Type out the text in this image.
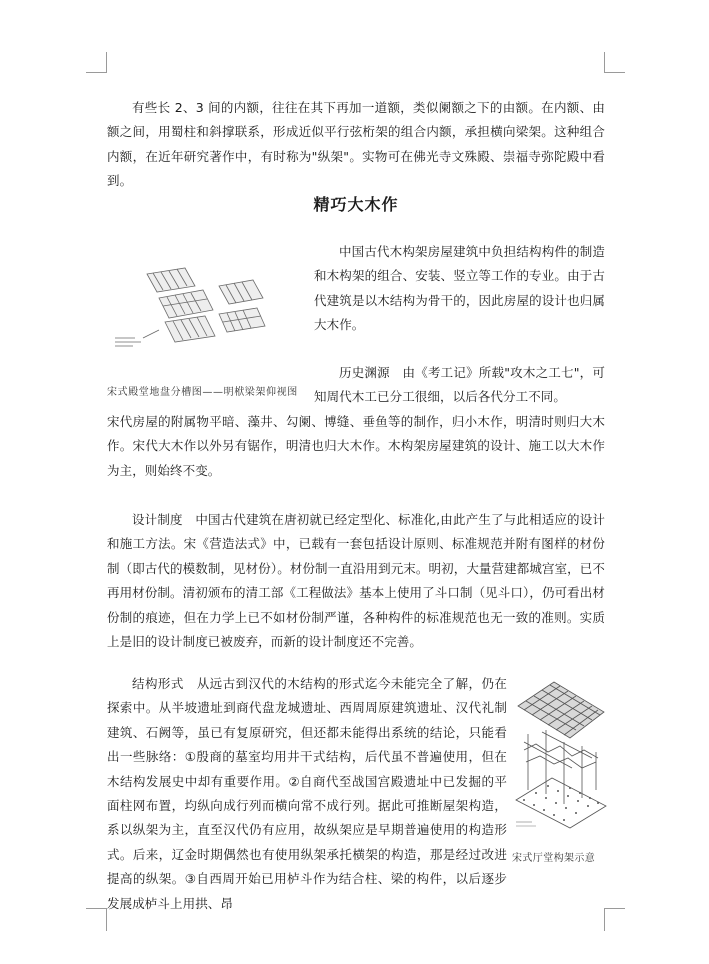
有些长 2、3 间的内额，往往在其下再加一道额，类似阑额之下的由额。在内额、由额之间，用蜀柱和斜撑联系，形成近似平行弦桁架的组合内额，承担横向梁架。这种组合内额，在近年研究著作中，有时称为"纵架"。实物可在佛光寺文殊殿、崇福寺弥陀殿中看到。

精巧大木作
宋式殿堂地盘分槽图——明栿梁架仰视图

中国古代木构架房屋建筑中负担结构构件的制造和木构架的组合、安装、竖立等工作的专业。由于古代建筑是以木结构为骨干的，因此房屋的设计也归属大木作。

历史渊源　由《考工记》所载"攻木之工七"，可知周代木工已分工很细，以后各代分工不同。

宋代房屋的附属物平暗、藻井、勾阑、博缝、垂鱼等的制作，归小木作，明清时则归大木作。宋代大木作以外另有锯作，明清也归大木作。木构架房屋建筑的设计、施工以大木作为主，则始终不变。

设计制度　中国古代建筑在唐初就已经定型化、标准化,由此产生了与此相适应的设计和施工方法。宋《营造法式》中，已载有一套包括设计原则、标准规范并附有图样的材份制（即古代的模数制，见材份）。材份制一直沿用到元末。明初，大量营建都城宫室，已不再用材份制。清初颁布的清工部《工程做法》基本上使用了斗口制（见斗口），仍可看出材份制的痕迹，但在力学上已不如材份制严谨，各种构件的标准规范也无一致的准则。实质上是旧的设计制度已被废弃，而新的设计制度还不完善。

宋式厅堂构架示意

结构形式　从远古到汉代的木结构的形式迄今未能完全了解，仍在探索中。从半坡遗址到商代盘龙城遗址、西周周原建筑遗址、汉代礼制建筑、石阙等，虽已有复原研究，但还都未能得出系统的结论，只能看出一些脉络：①殷商的墓室均用井干式结构，后代虽不普遍使用，但在木结构发展史中却有重要作用。②自商代至战国宫殿遗址中已发掘的平面柱网布置，均纵向成行列而横向常不成行列。据此可推断屋架构造，系以纵架为主，直至汉代仍有应用，故纵架应是早期普遍使用的构造形式。后来，辽金时期偶然也有使用纵架承托横架的构造，那是经过改进提高的纵架。③自西周开始已用栌斗作为结合柱、梁的构件，以后逐步发展成栌斗上用拱、昂
